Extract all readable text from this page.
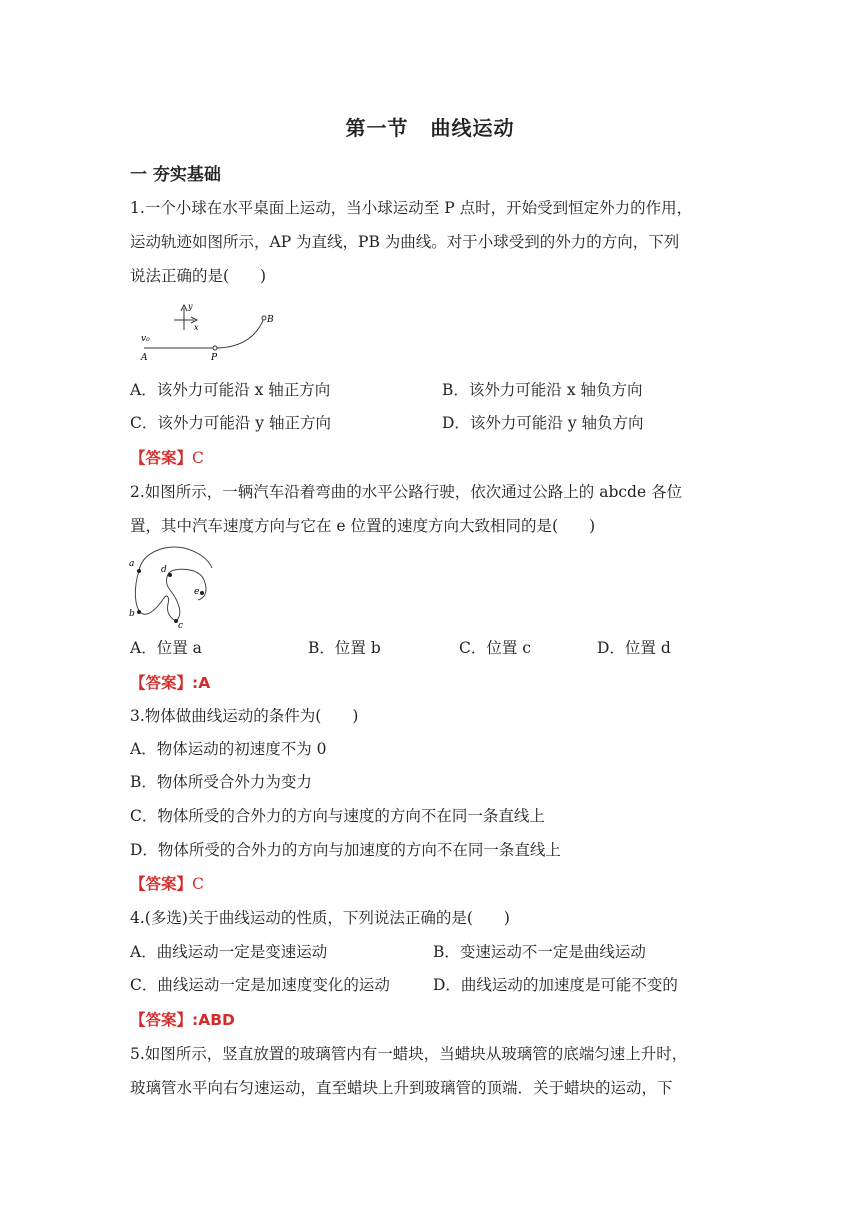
第一节 曲线运动
一 夯实基础
1.一个小球在水平桌面上运动，当小球运动至 P 点时，开始受到恒定外力的作用，
运动轨迹如图所示，AP 为直线，PB 为曲线。对于小球受到的外力的方向，下列
说法正确的是(　　)
y
x
v₀
A	P
B
A．该外力可能沿 x 轴正方向	B．该外力可能沿 x 轴负方向
C．该外力可能沿 y 轴正方向	D．该外力可能沿 y 轴负方向
【答案】C
2.如图所示，一辆汽车沿着弯曲的水平公路行驶，依次通过公路上的 abcde 各位
置，其中汽车速度方向与它在 e 位置的速度方向大致相同的是(　　)
a
b
c
d
e
A．位置 a	B．位置 b	C．位置 c	D．位置 d
【答案】:A
3.物体做曲线运动的条件为(　　)
A．物体运动的初速度不为 0
B．物体所受合外力为变力
C．物体所受的合外力的方向与速度的方向不在同一条直线上
D．物体所受的合外力的方向与加速度的方向不在同一条直线上
【答案】C
4.(多选)关于曲线运动的性质，下列说法正确的是(　　)
A．曲线运动一定是变速运动	B．变速运动不一定是曲线运动
C．曲线运动一定是加速度变化的运动	D．曲线运动的加速度是可能不变的
【答案】:ABD
5.如图所示，竖直放置的玻璃管内有一蜡块，当蜡块从玻璃管的底端匀速上升时，
玻璃管水平向右匀速运动，直至蜡块上升到玻璃管的顶端．关于蜡块的运动，下
